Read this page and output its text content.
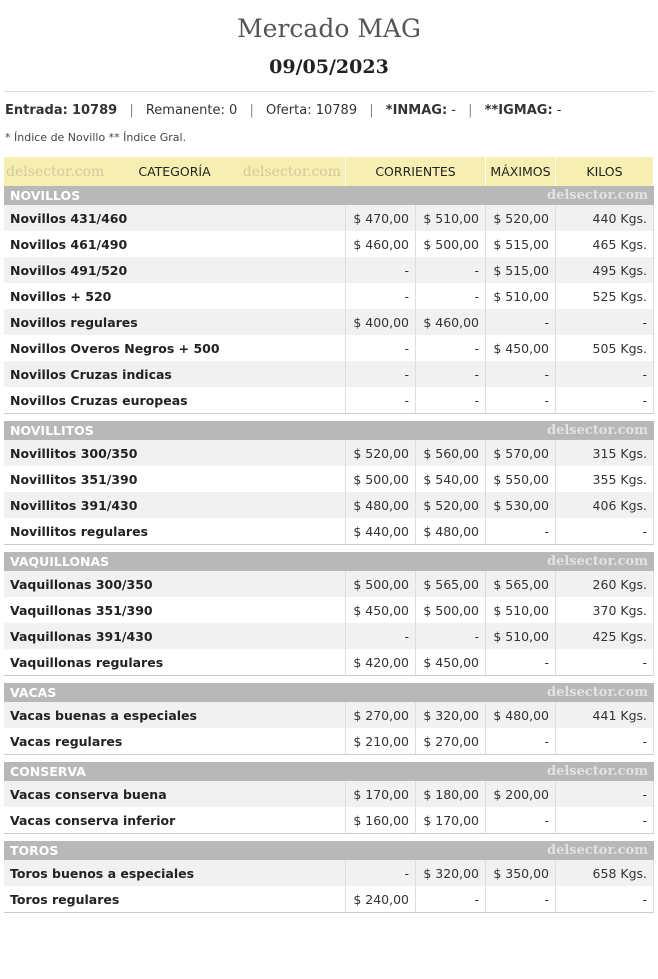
Mercado MAG
09/05/2023
Entrada: 10789 | Remanente: 0 | Oferta: 10789 | *INMAG: - | **IGMAG: -
* Índice de Novillo ** Índice Gral.
delsector.com delsector.com
CATEGORÍA	CORRIENTES		MÁXIMOS	KILOS
NOVILLOS delsector.com				

Novillos 431/460	$ 470,00	$ 510,00	$ 520,00	440 Kgs.
Novillos 461/490	$ 460,00	$ 500,00	$ 515,00	465 Kgs.
Novillos 491/520	-	-	$ 515,00	495 Kgs.
Novillos + 520	-	-	$ 510,00	525 Kgs.
Novillos regulares	$ 400,00	$ 460,00	-	-
Novillos Overos Negros + 500	-	-	$ 450,00	505 Kgs.
Novillos Cruzas indicas	-	-	-	-
Novillos Cruzas europeas	-	-	-	-

NOVILLITOS delsector.com				

Novillitos 300/350	$ 520,00	$ 560,00	$ 570,00	315 Kgs.
Novillitos 351/390	$ 500,00	$ 540,00	$ 550,00	355 Kgs.
Novillitos 391/430	$ 480,00	$ 520,00	$ 530,00	406 Kgs.
Novillitos regulares	$ 440,00	$ 480,00	-	-

VAQUILLONAS delsector.com				

Vaquillonas 300/350	$ 500,00	$ 565,00	$ 565,00	260 Kgs.
Vaquillonas 351/390	$ 450,00	$ 500,00	$ 510,00	370 Kgs.
Vaquillonas 391/430	-	-	$ 510,00	425 Kgs.
Vaquillonas regulares	$ 420,00	$ 450,00	-	-

VACAS delsector.com				

Vacas buenas a especiales	$ 270,00	$ 320,00	$ 480,00	441 Kgs.
Vacas regulares	$ 210,00	$ 270,00	-	-

CONSERVA delsector.com				

Vacas conserva buena	$ 170,00	$ 180,00	$ 200,00	-
Vacas conserva inferior	$ 160,00	$ 170,00	-	-

TOROS delsector.com				

Toros buenos a especiales	-	$ 320,00	$ 350,00	658 Kgs.
Toros regulares	$ 240,00	-	-	-
